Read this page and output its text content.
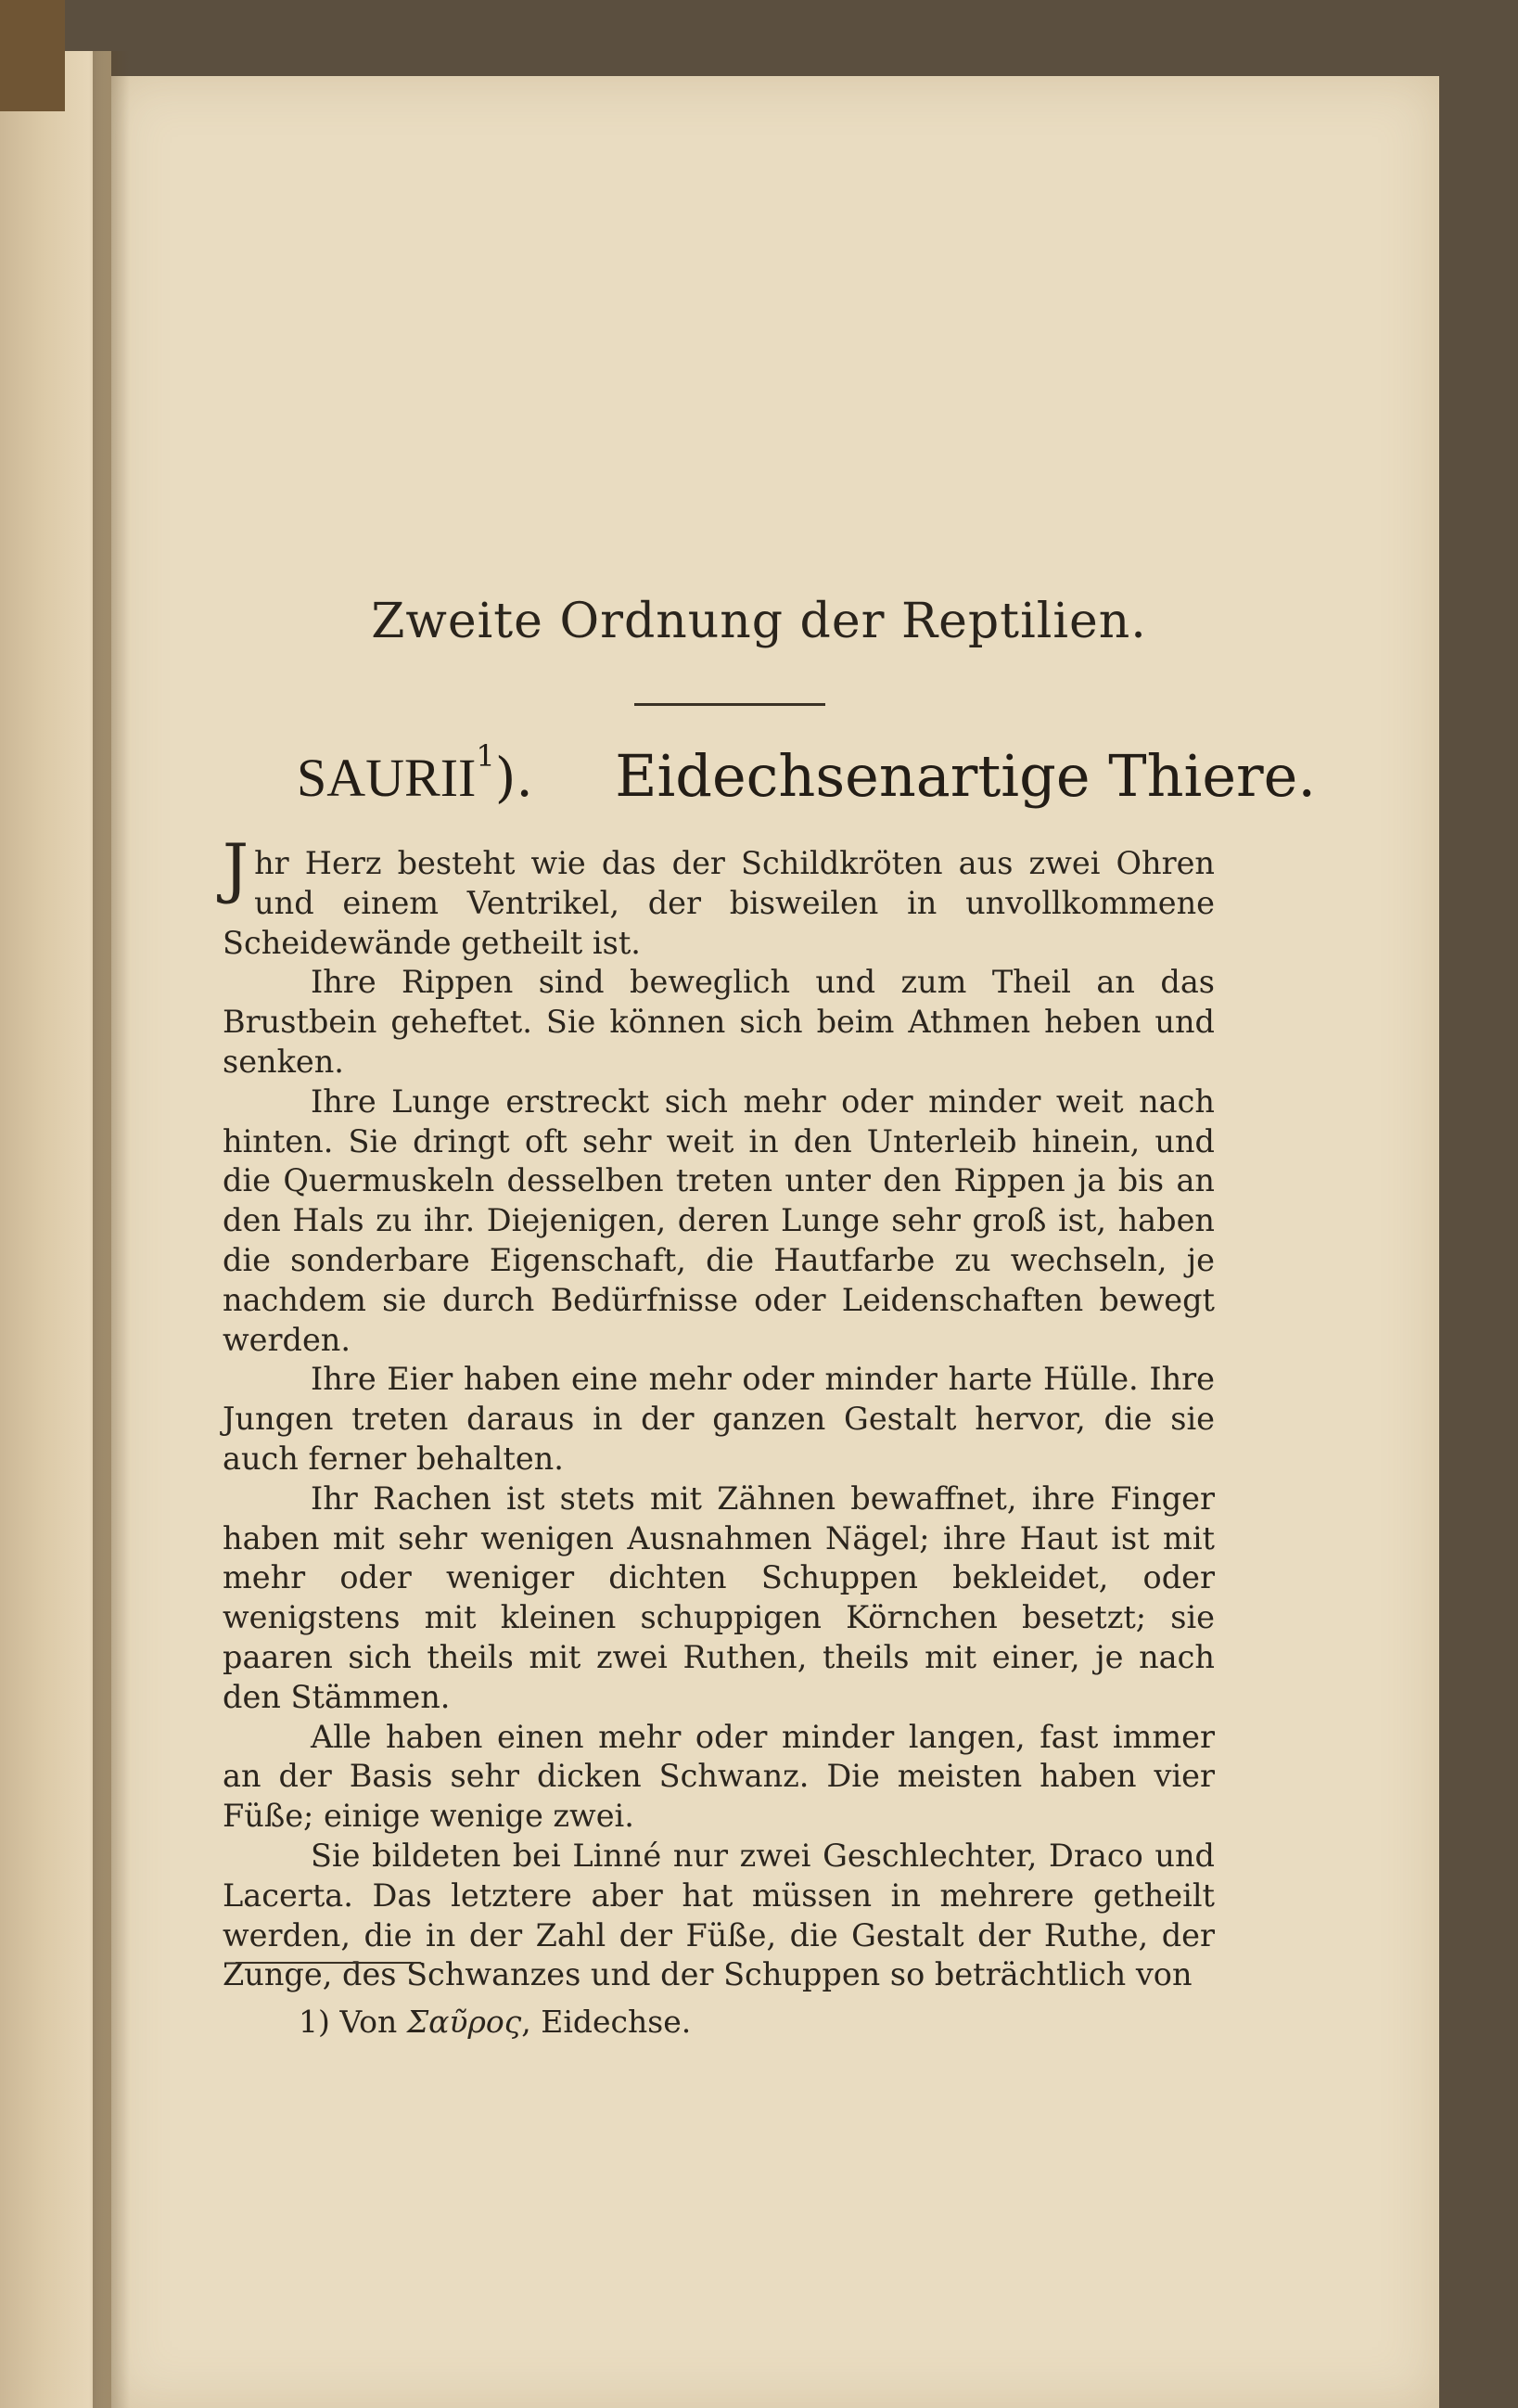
Zweite Ordnung der Reptilien.
SAURII$^1$). Eidechsenartige Thiere.

Jhr Herz besteht wie das der Schildkröten aus zwei Ohren und einem Ventrikel, der bisweilen in unvollkommene Scheidewände getheilt ist.

Ihre Rippen sind beweglich und zum Theil an das Brustbein geheftet. Sie können sich beim Athmen heben und senken.

Ihre Lunge erstreckt sich mehr oder minder weit nach hinten. Sie dringt oft sehr weit in den Unterleib hinein, und die Quermuskeln desselben treten unter den Rippen ja bis an den Hals zu ihr. Diejenigen, deren Lunge sehr groß ist, haben die sonderbare Eigenschaft, die Hautfarbe zu wechseln, je nachdem sie durch Bedürfnisse oder Leidenschaften bewegt werden.

Ihre Eier haben eine mehr oder minder harte Hülle. Ihre Jungen treten daraus in der ganzen Gestalt hervor, die sie auch ferner behalten.

Ihr Rachen ist stets mit Zähnen bewaffnet, ihre Finger haben mit sehr wenigen Ausnahmen Nägel; ihre Haut ist mit mehr oder weniger dichten Schuppen bekleidet, oder wenigstens mit kleinen schuppigen Körnchen besetzt; sie paaren sich theils mit zwei Ruthen, theils mit einer, je nach den Stämmen.

Alle haben einen mehr oder minder langen, fast immer an der Basis sehr dicken Schwanz. Die meisten haben vier Füße; einige wenige zwei.

Sie bildeten bei Linné nur zwei Geschlechter, Draco und Lacerta. Das letztere aber hat müssen in mehrere getheilt werden, die in der Zahl der Füße, die Gestalt der Ruthe, der Zunge, des Schwanzes und der Schuppen so beträchtlich von

1) Von Σαῦρος, Eidechse.
